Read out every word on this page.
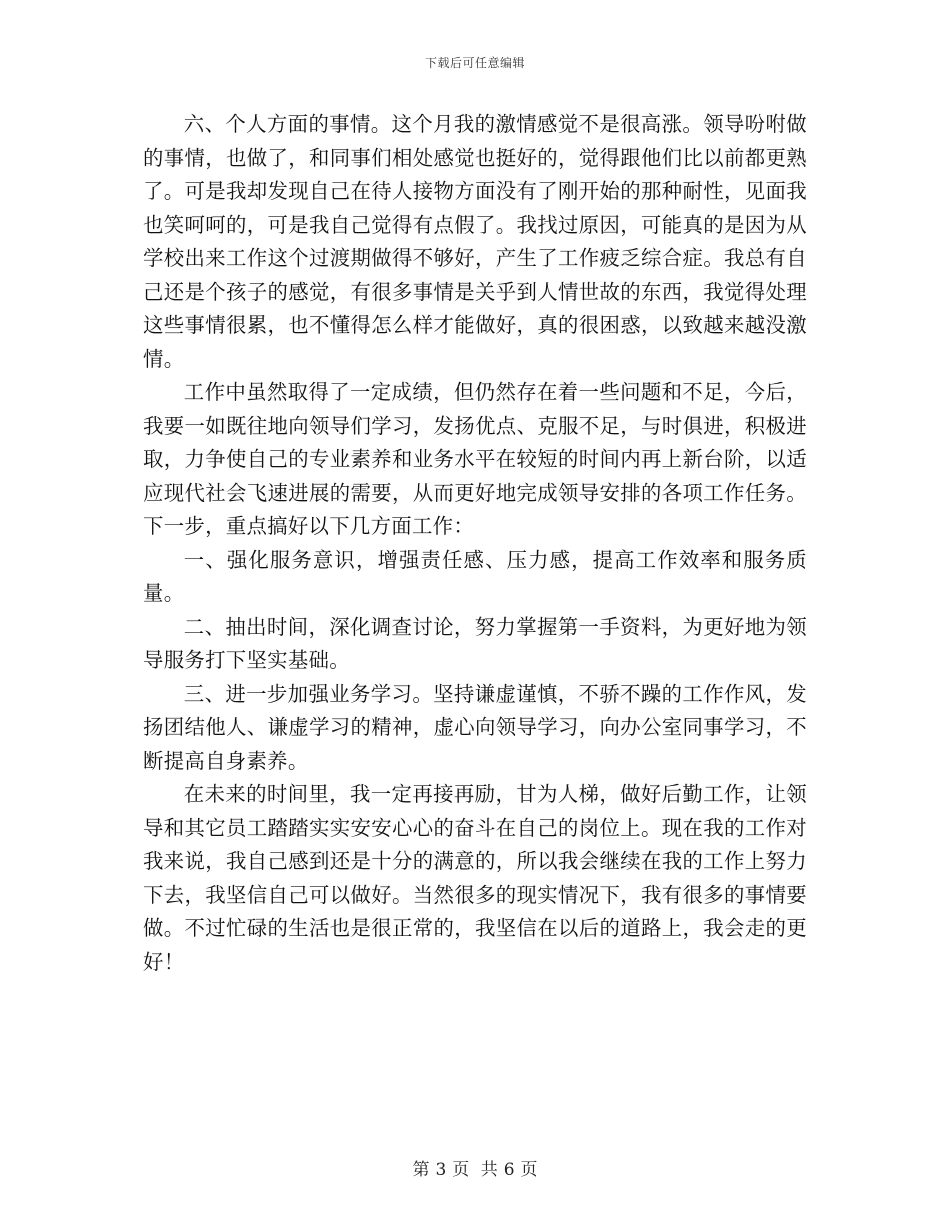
下载后可任意编辑

六、个人方面的事情。这个月我的激情感觉不是很高涨。领导吩咐做的事情，也做了，和同事们相处感觉也挺好的，觉得跟他们比以前都更熟了。可是我却发现自己在待人接物方面没有了刚开始的那种耐性，见面我也笑呵呵的，可是我自己觉得有点假了。我找过原因，可能真的是因为从学校出来工作这个过渡期做得不够好，产生了工作疲乏综合症。我总有自己还是个孩子的感觉，有很多事情是关乎到人情世故的东西，我觉得处理这些事情很累，也不懂得怎么样才能做好，真的很困惑，以致越来越没激情。

工作中虽然取得了一定成绩，但仍然存在着一些问题和不足，今后，我要一如既往地向领导们学习，发扬优点、克服不足，与时俱进，积极进取，力争使自己的专业素养和业务水平在较短的时间内再上新台阶，以适应现代社会飞速进展的需要，从而更好地完成领导安排的各项工作任务。下一步，重点搞好以下几方面工作：

一、强化服务意识，增强责任感、压力感，提高工作效率和服务质量。

二、抽出时间，深化调查讨论，努力掌握第一手资料，为更好地为领导服务打下坚实基础。

三、进一步加强业务学习。坚持谦虚谨慎，不骄不躁的工作作风，发扬团结他人、谦虚学习的精神，虚心向领导学习，向办公室同事学习，不断提高自身素养。

在未来的时间里，我一定再接再励，甘为人梯，做好后勤工作，让领导和其它员工踏踏实实安安心心的奋斗在自己的岗位上。现在我的工作对我来说，我自己感到还是十分的满意的，所以我会继续在我的工作上努力下去，我坚信自己可以做好。当然很多的现实情况下，我有很多的事情要做。不过忙碌的生活也是很正常的，我坚信在以后的道路上，我会走的更好！

第 3 页 共 6 页
